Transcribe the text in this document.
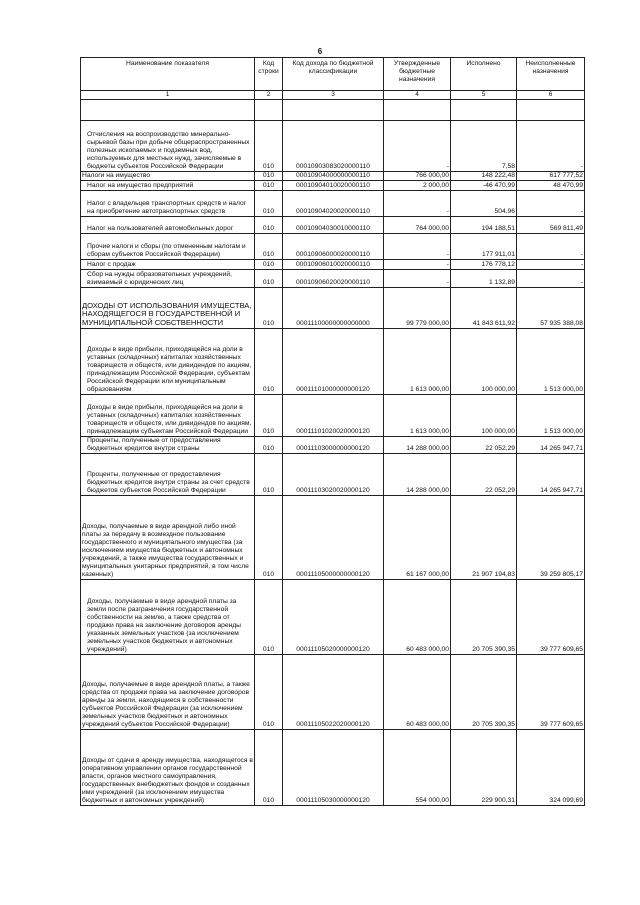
6
Наименование показателя	Код строки	Код дохода по бюджетной классификации	Утвержденные бюджетные назначения	Исполнено	Неисполненные назначения
1	2	3	4	5	6

Отчисления на воспроизводство минерально-сырьевой базы при добыче общераспространенных полезных ископаемых и подземных вод, используемых для местных нужд, зачисляемые в бюджеты субъектов Российской Федерации	010	00010903083020000110	-	7,58	-
Налоги на имущество	010	00010904000000000110	766 000,00	148 222,48	617 777,52
Налог на имущество предприятий	010	00010904010020000110	2 000,00	-46 470,99	48 470,99
Налог с владельцев транспортных средств и налог на приобретение автотранспортных средств	010	00010904020020000110	-	504,96	-
Налог на пользователей автомобильных дорог	010	00010904030010000110	764 000,00	194 188,51	569 811,49
Прочие налоги и сборы (по отмененным налогам и сборам субъектов Российской Федерации)	010	00010906000020000110	-	177 911,01	-
Налог с продаж	010	00010906010020000110	-	176 778,12	-
Сбор на нужды образовательных учреждений, взимаемый с юридических лиц	010	00010906020020000110	-	1 132,89	-
ДОХОДЫ ОТ ИСПОЛЬЗОВАНИЯ ИМУЩЕСТВА, НАХОДЯЩЕГОСЯ В ГОСУДАРСТВЕННОЙ И МУНИЦИПАЛЬНОЙ СОБСТВЕННОСТИ	010	00011100000000000000	99 779 000,00	41 843 611,92	57 935 388,08
Доходы в виде прибыли, приходящейся на доли в уставных (складочных) капиталах хозяйственных товариществ и обществ, или дивидендов по акциям, принадлежащим Российской Федерации, субъектам Российской Федерации или муниципальным образованиям	010	00011101000000000120	1 613 000,00	100 000,00	1 513 000,00
Доходы в виде прибыли, приходящейся на доли в уставных (складочных) капиталах хозяйственных товариществ и обществ, или дивидендов по акциям, принадлежащим субъектам Российской Федерации	010	00011101020020000120	1 613 000,00	100 000,00	1 513 000,00
Проценты, полученные от предоставления бюджетных кредитов внутри страны	010	00011103000000000120	14 288 000,00	22 052,29	14 265 947,71
Проценты, полученные от предоставления бюджетных кредитов внутри страны за счет средств бюджетов субъектов Российской Федерации	010	00011103020020000120	14 288 000,00	22 052,29	14 265 947,71
Доходы, получаемые в виде арендной либо иной платы за передачу в возмездное пользование государственного и муниципального имущества (за исключением имущества бюджетных и автономных учреждений, а также имущества государственных и муниципальных унитарных предприятий, в том числе казенных)	010	00011105000000000120	61 167 000,00	21 907 194,83	39 259 805,17
Доходы, получаемые в виде арендной платы за земли после разграничения государственной собственности на землю, а также средства от продажи права на заключение договоров аренды указанных земельных участков (за исключением земельных участков бюджетных и автономных учреждений)	010	00011105020000000120	60 483 000,00	20 705 390,35	39 777 609,65
Доходы, получаемые в виде арендной платы, а также средства от продажи права на заключение договоров аренды за земли, находящиеся в собственности субъектов Российской Федерации (за исключением земельных участков бюджетных и автономных учреждений субъектов Российской Федерации)	010	00011105022020000120	60 483 000,00	20 705 390,35	39 777 609,65
Доходы от сдачи в аренду имущества, находящегося в оперативном управлении органов государственной власти, органов местного самоуправления, государственных внебюджетных фондов и созданных ими учреждений (за исключением имущества бюджетных и автономных учреждений)	010	00011105030000000120	554 000,00	229 900,31	324 099,69
